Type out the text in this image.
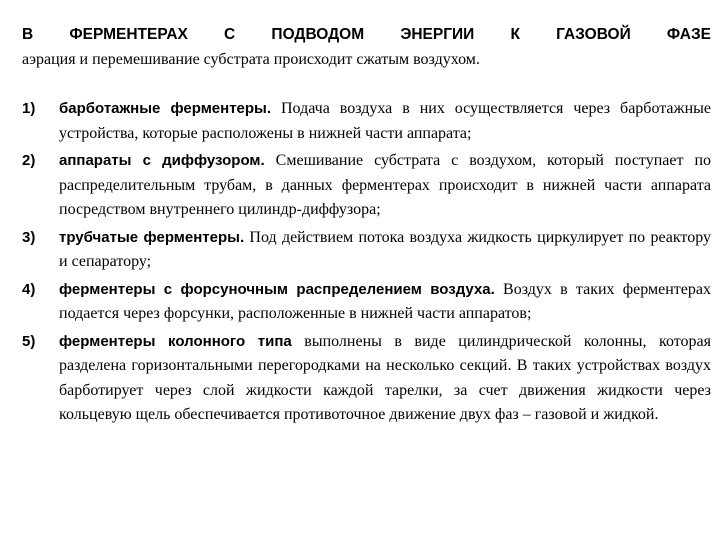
В ФЕРМЕНТЕРАХ С ПОДВОДОМ ЭНЕРГИИ К ГАЗОВОЙ ФАЗЕ
аэрация и перемешивание субстрата происходит сжатым воздухом.

1) барботажные ферментеры. Подача воздуха в них осуществляется через барботажные устройства, которые расположены в нижней части аппарата;
2) аппараты с диффузором. Смешивание субстрата с воздухом, который поступает по распределительным трубам, в данных ферментерах происходит в нижней части аппарата посредством внутреннего цилиндр-диффузора;
3) трубчатые ферментеры. Под действием потока воздуха жидкость циркулирует по реактору и сепаратору;
4) ферментеры с форсуночным распределением воздуха. Воздух в таких ферментерах подается через форсунки, расположенные в нижней части аппаратов;
5) ферментеры колонного типа выполнены в виде цилиндрической колонны, которая разделена горизонтальными перегородками на несколько секций. В таких устройствах воздух барботирует через слой жидкости каждой тарелки, за счет движения жидкости через кольцевую щель обеспечивается противоточное движение двух фаз – газовой и жидкой.
